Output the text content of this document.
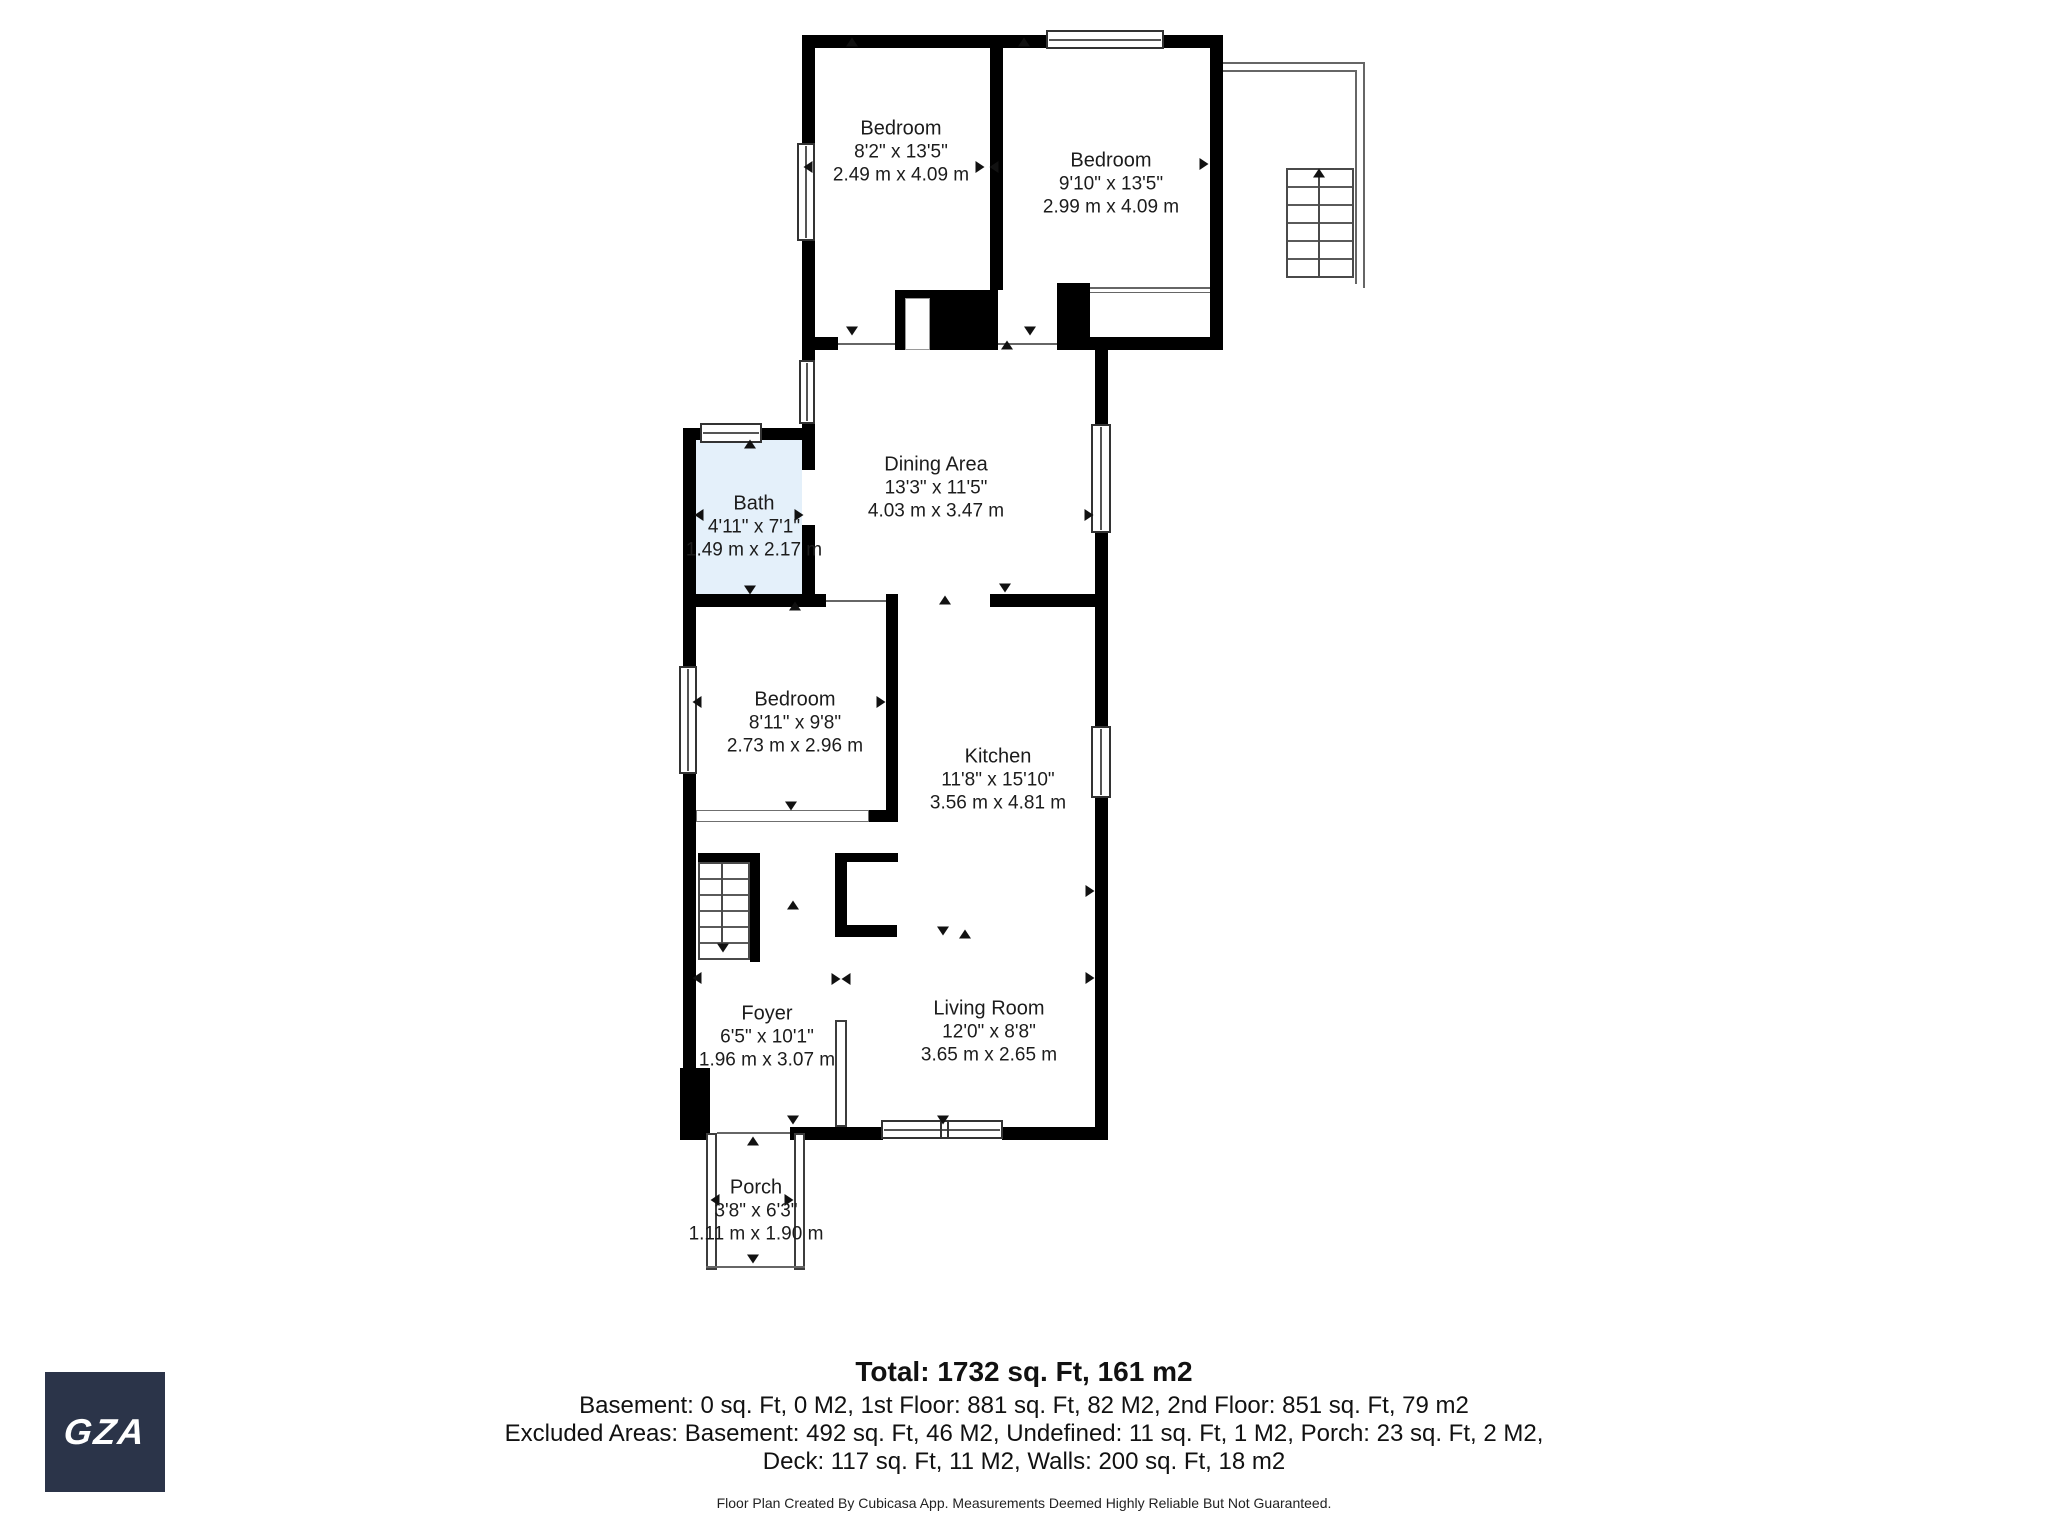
Bedroom
8'2" x 13'5"
2.49 m x 4.09 m
Bedroom
9'10" x 13'5"
2.99 m x 4.09 m
Dining Area
13'3" x 11'5"
4.03 m x 3.47 m
Bath
4'11" x 7'1"
1.49 m x 2.17 m
Bedroom
8'11" x 9'8"
2.73 m x 2.96 m	Kitchen
11'8" x 15'10"
3.56 m x 4.81 m
Foyer
6'5" x 10'1"
1.96 m x 3.07 m
Living Room
12'0" x 8'8"
3.65 m x 2.65 m
Porch
3'8" x 6'3"
1.11 m x 1.90 m
Total: 1732 sq. Ft, 161 m2
Basement: 0 sq. Ft, 0 M2, 1st Floor: 881 sq. Ft, 82 M2, 2nd Floor: 851 sq. Ft, 79 m2
Excluded Areas: Basement: 492 sq. Ft, 46 M2, Undefined: 11 sq. Ft, 1 M2, Porch: 23 sq. Ft, 2 M2,
Deck: 117 sq. Ft, 11 M2, Walls: 200 sq. Ft, 18 m2
Floor Plan Created By Cubicasa App. Measurements Deemed Highly Reliable But Not Guaranteed.
GZA
